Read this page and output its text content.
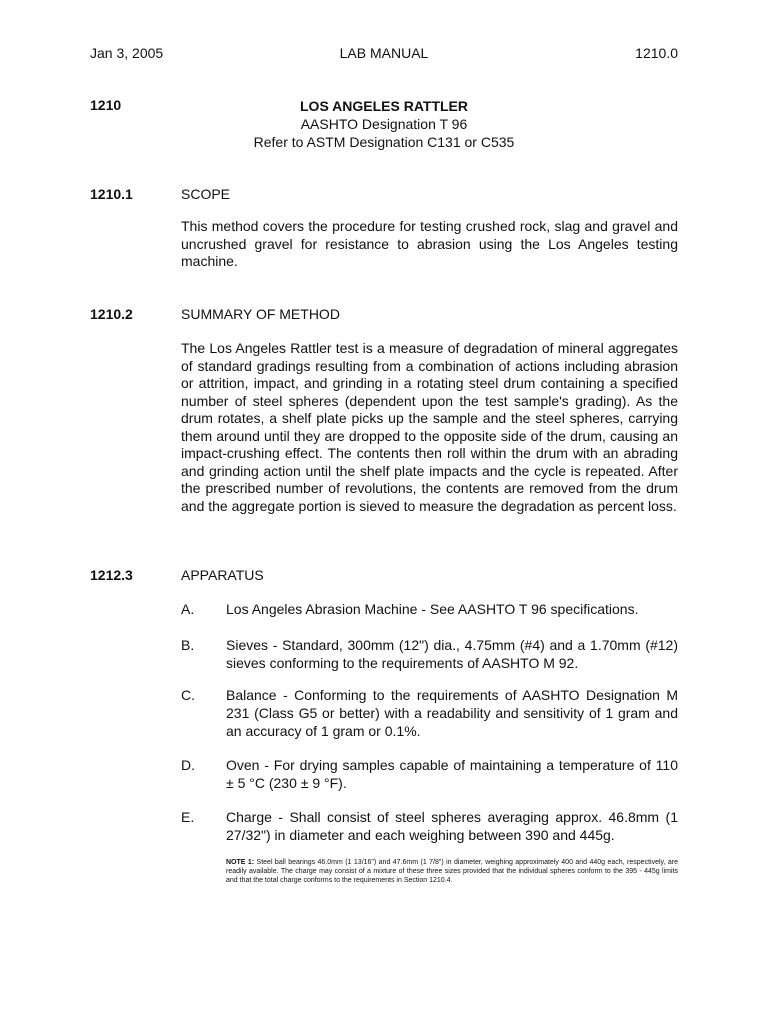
Jan 3, 2005	LAB MANUAL	1210.0
1210	LOS ANGELES RATTLER
AASHTO Designation T 96
Refer to ASTM Designation C131 or C535
1210.1	SCOPE
This method covers the procedure for testing crushed rock, slag and gravel and uncrushed gravel for resistance to abrasion using the Los Angeles testing machine.
1210.2	SUMMARY OF METHOD
The Los Angeles Rattler test is a measure of degradation of mineral aggregates of standard gradings resulting from a combination of actions including abrasion or attrition, impact, and grinding in a rotating steel drum containing a specified number of steel spheres (dependent upon the test sample's grading). As the drum rotates, a shelf plate picks up the sample and the steel spheres, carrying them around until they are dropped to the opposite side of the drum, causing an impact-crushing effect. The contents then roll within the drum with an abrading and grinding action until the shelf plate impacts and the cycle is repeated. After the prescribed number of revolutions, the contents are removed from the drum and the aggregate portion is sieved to measure the degradation as percent loss.
1212.3	APPARATUS
A. Los Angeles Abrasion Machine - See AASHTO T 96 specifications.
B. Sieves - Standard, 300mm (12") dia., 4.75mm (#4) and a 1.70mm (#12) sieves conforming to the requirements of AASHTO M 92.
C. Balance - Conforming to the requirements of AASHTO Designation M 231 (Class G5 or better) with a readability and sensitivity of 1 gram and an accuracy of 1 gram or 0.1%.
D. Oven - For drying samples capable of maintaining a temperature of 110 ± 5 °C (230 ± 9 °F).
E. Charge - Shall consist of steel spheres averaging approx. 46.8mm (1 27/32") in diameter and each weighing between 390 and 445g.
NOTE 1: Steel ball bearings 46.0mm (1 13/16") and 47.6mm (1 7/8") in diameter, weighing approximately 400 and 440g each, respectively, are readily available. The charge may consist of a mixture of these three sizes provided that the individual spheres conform to the 395 - 445g limits and that the total charge conforms to the requirements in Section 1210.4.
